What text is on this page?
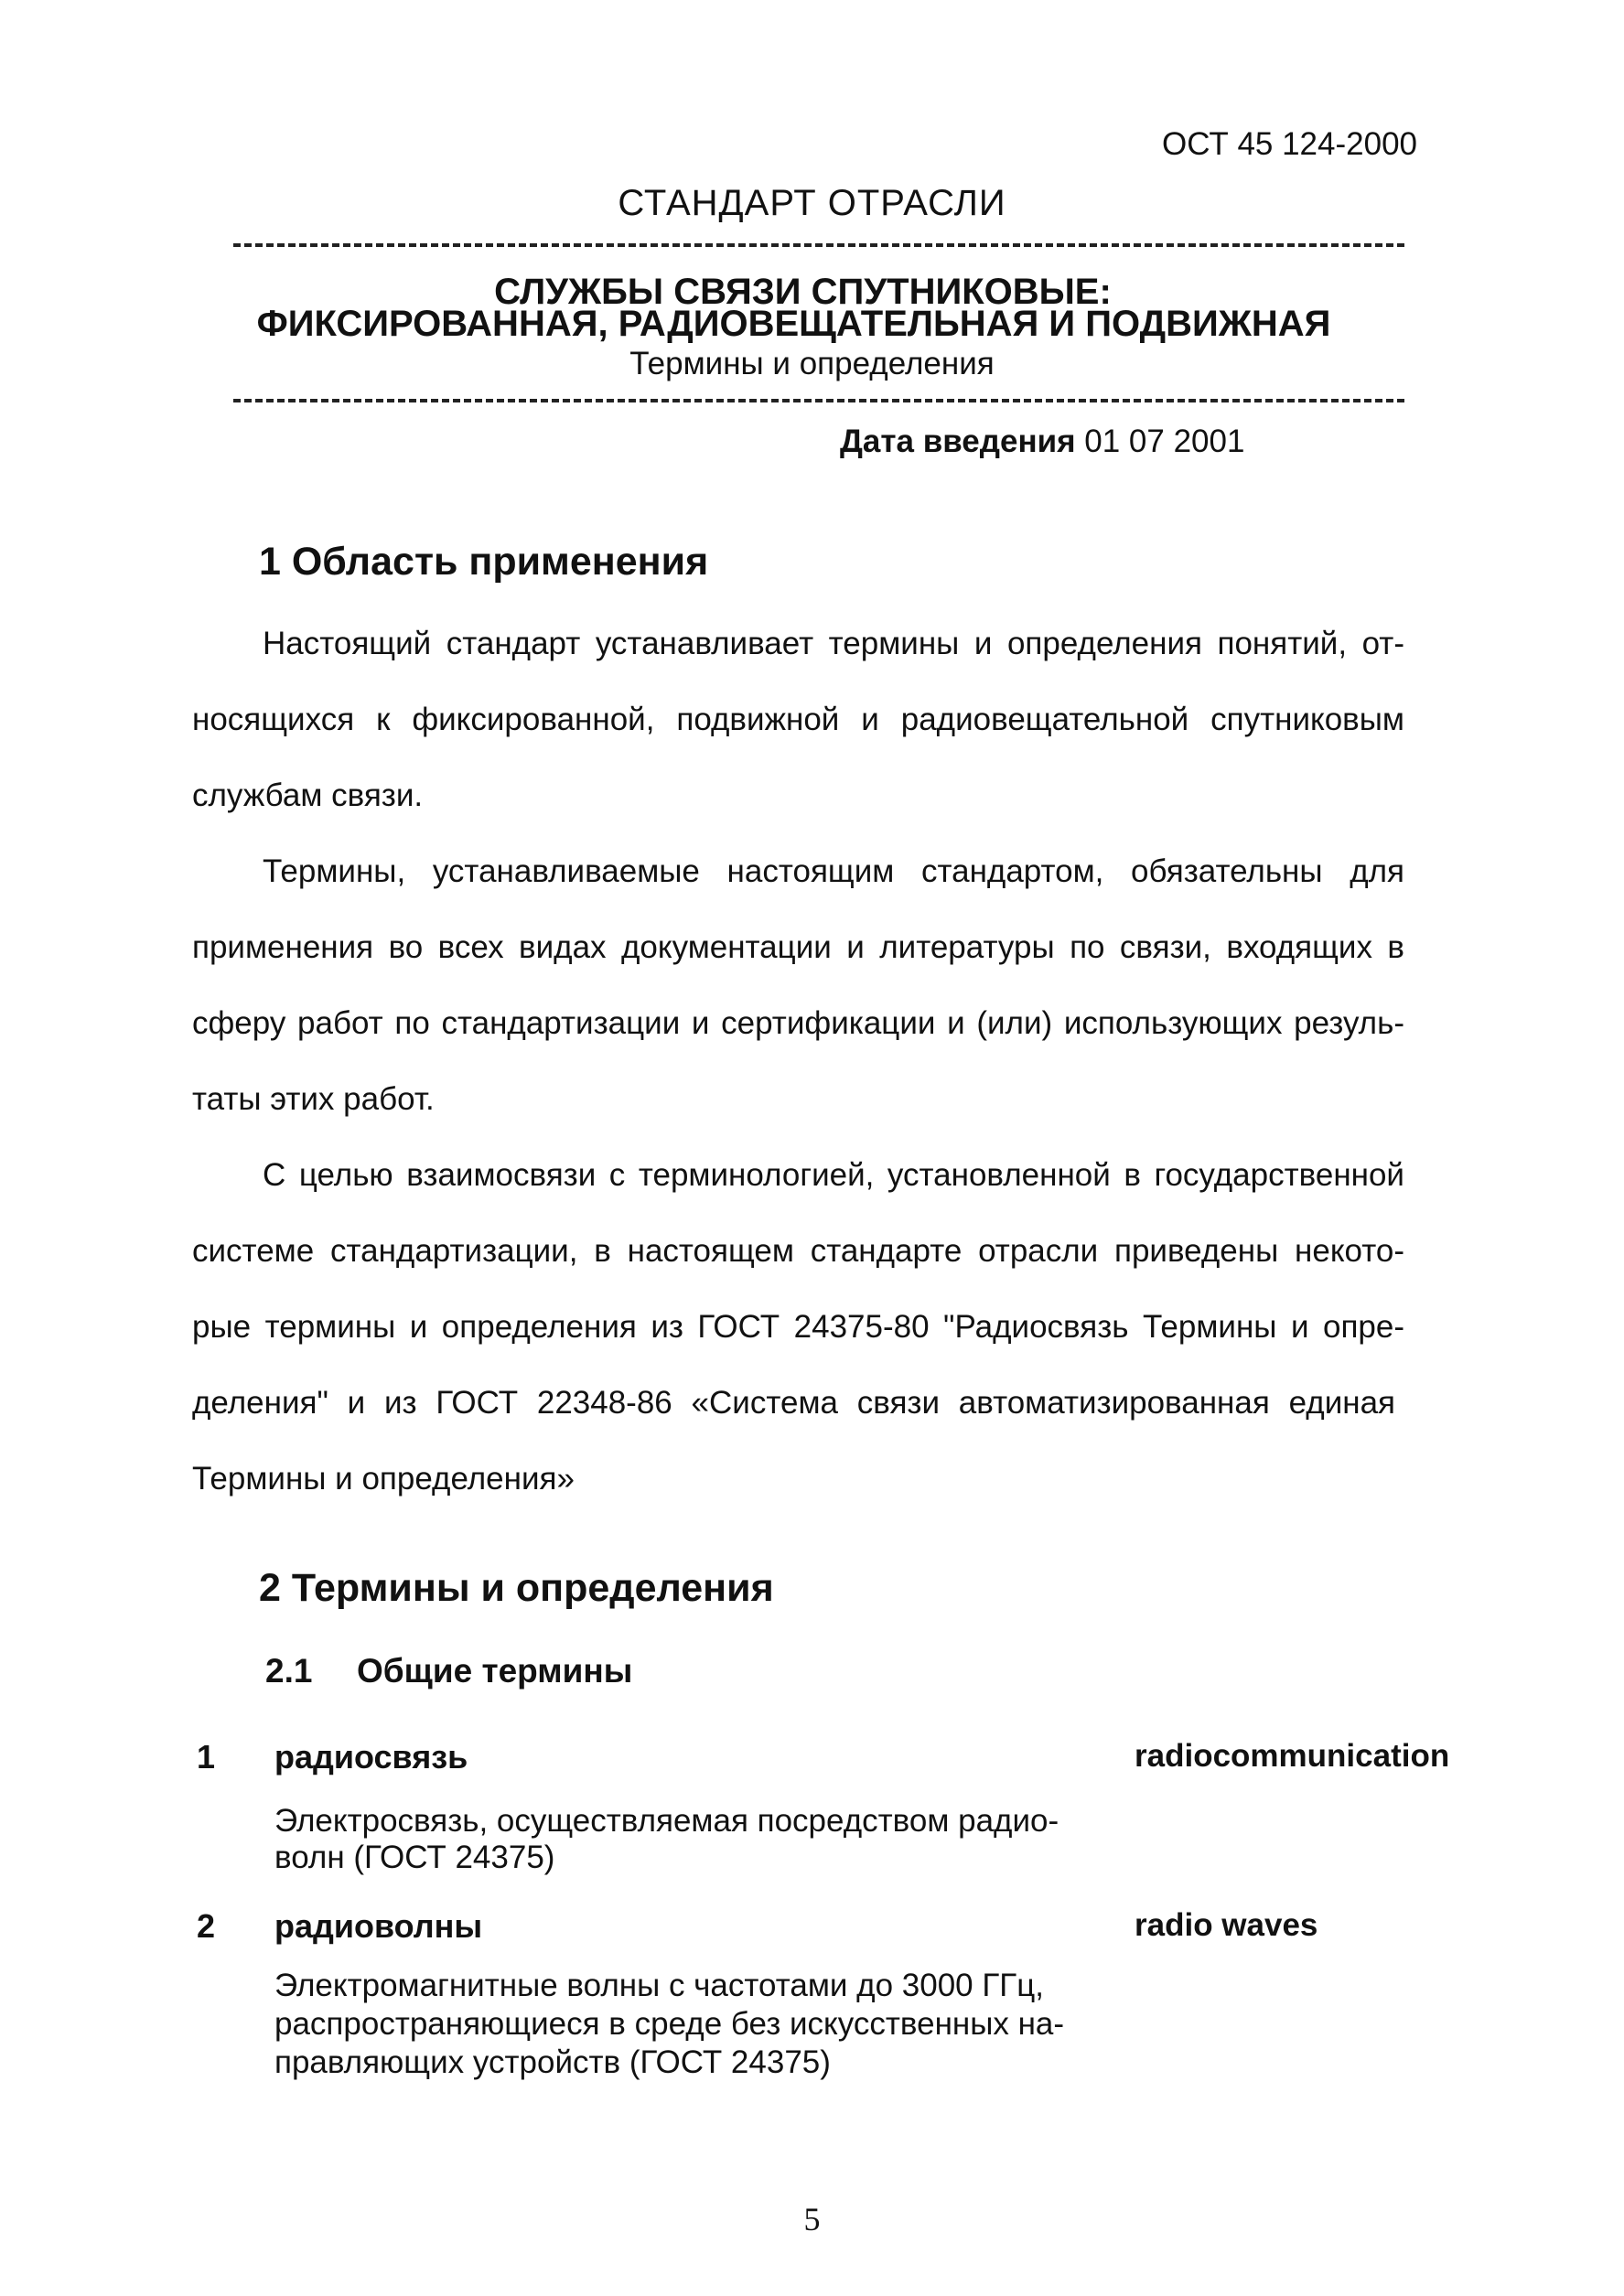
ОСТ 45 124-2000
СТАНДАРТ ОТРАСЛИ
СЛУЖБЫ СВЯЗИ СПУТНИКОВЫЕ:
ФИКСИРОВАННАЯ, РАДИОВЕЩАТЕЛЬНАЯ И ПОДВИЖНАЯ
Термины и определения
Дата введения 01 07 2001
1 Область применения
Настоящий стандарт устанавливает термины и определения понятий, от-
носящихся к фиксированной, подвижной и радиовещательной спутниковым
службам связи.
Термины, устанавливаемые настоящим стандартом, обязательны для
применения во всех видах документации и литературы по связи, входящих в
сферу работ по стандартизации и сертификации и (или) использующих резуль-
таты этих работ.
С целью взаимосвязи с терминологией, установленной в государственной
системе стандартизации, в настоящем стандарте отрасли приведены некото-
рые термины и определения из ГОСТ 24375-80 "Радиосвязь Термины и опре-
деления" и из ГОСТ 22348-86 «Система связи автоматизированная единая
Термины и определения»
2 Термины и определения
2.1 Общие термины
1 радиосвязь	radiocommunication
Электросвязь, осуществляемая посредством радио-
волн (ГОСТ 24375)
2 радиоволны	radio waves
Электромагнитные волны с частотами до 3000 ГГц,
распространяющиеся в среде без искусственных на-
правляющих устройств (ГОСТ 24375)
5
